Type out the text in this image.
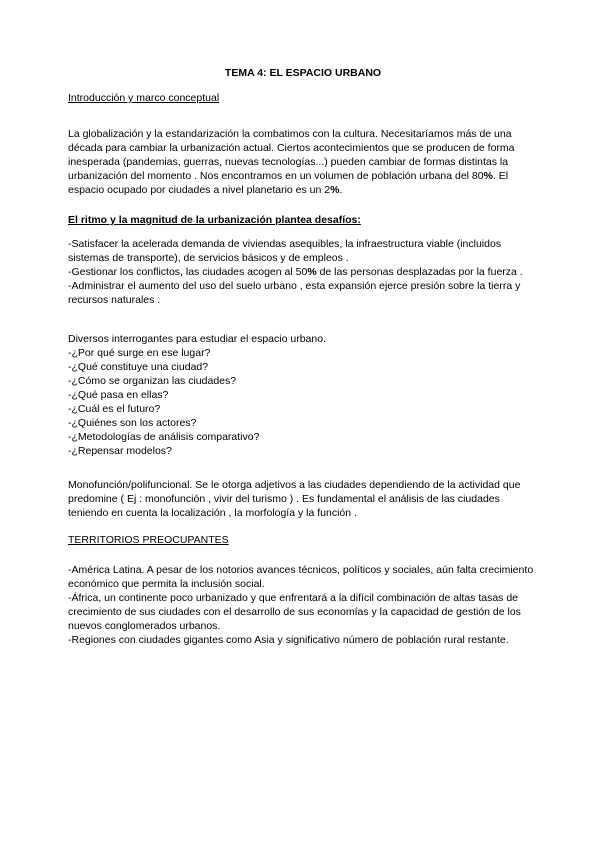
TEMA 4: EL ESPACIO URBANO
Introducción y marco conceptual

La globalización y la estandarización la combatimos con la cultura. Necesitaríamos más de una década para cambiar la urbanización actual. Ciertos acontecimientos que se producen de forma inesperada (pandemias, guerras, nuevas tecnologías...) pueden cambiar de formas distintas la urbanización del momento . Nos encontramos en un volumen de población urbana del 80%. El espacio ocupado por ciudades a nivel planetario es un 2%.

El ritmo y la magnitud de la urbanización plantea desafíos:

-Satisfacer la acelerada demanda de viviendas asequibles, la infraestructura viable (incluidos sistemas de transporte), de servicios básicos y de empleos .

-Gestionar los conflictos, las ciudades acogen al 50% de las personas desplazadas por la fuerza .

-Administrar el aumento del uso del suelo urbano , esta expansión ejerce presión sobre la tierra y recursos naturales .

Diversos interrogantes para estudiar el espacio urbano.

-¿Por qué surge en ese lugar?

-¿Qué constituye una ciudad?

-¿Cómo se organizan las ciudades?

-¿Qué pasa en ellas?

-¿Cuál es el futuro?

-¿Quiénes son los actores?

-¿Metodologías de análisis comparativo?

-¿Repensar modelos?

Monofunción/polifuncional. Se le otorga adjetivos a las ciudades dependiendo de la actividad que predomine ( Ej : monofunción , vivir del turismo ) . Es fundamental el análisis de las ciudades teniendo en cuenta la localización , la morfología y la función .

TERRITORIOS PREOCUPANTES

-América Latina. A pesar de los notorios avances técnicos, políticos y sociales, aún falta crecimiento económico que permita la inclusión social.

-África, un continente poco urbanizado y que enfrentará a la difícil combinación de altas tasas de crecimiento de sus ciudades con el desarrollo de sus economías y la capacidad de gestión de los nuevos conglomerados urbanos.

-Regiones con ciudades gigantes como Asia y significativo número de población rural restante.
